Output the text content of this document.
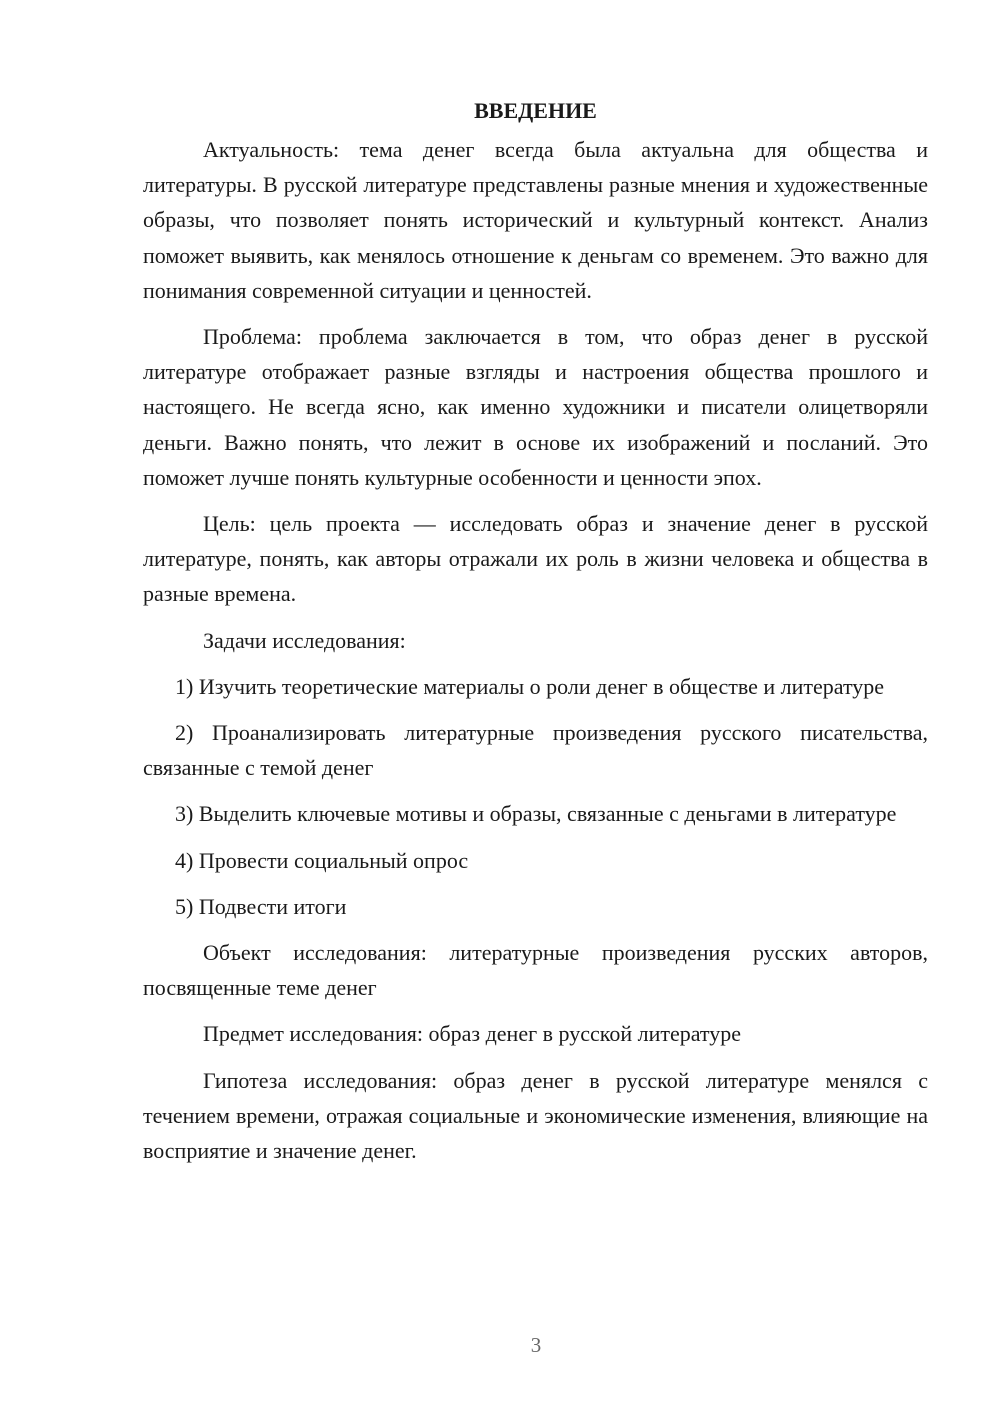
ВВЕДЕНИЕ

Актуальность: тема денег всегда была актуальна для общества и литературы. В русской литературе представлены разные мнения и художественные образы, что позволяет понять исторический и культурный контекст. Анализ поможет выявить, как менялось отношение к деньгам со временем. Это важно для понимания современной ситуации и ценностей.

Проблема: проблема заключается в том, что образ денег в русской литературе отображает разные взгляды и настроения общества прошлого и настоящего. Не всегда ясно, как именно художники и писатели олицетворяли деньги. Важно понять, что лежит в основе их изображений и посланий. Это поможет лучше понять культурные особенности и ценности эпох.

Цель: цель проекта — исследовать образ и значение денег в русской литературе, понять, как авторы отражали их роль в жизни человека и общества в разные времена.

Задачи исследования:

1) Изучить теоретические материалы о роли денег в обществе и литературе

2) Проанализировать литературные произведения русского писательства, связанные с темой денег

3) Выделить ключевые мотивы и образы, связанные с деньгами в литературе

4) Провести социальный опрос

5) Подвести итоги

Объект исследования: литературные произведения русских авторов, посвященные теме денег

Предмет исследования: образ денег в русской литературе

Гипотеза исследования: образ денег в русской литературе менялся с течением времени, отражая социальные и экономические изменения, влияющие на восприятие и значение денег.

3
